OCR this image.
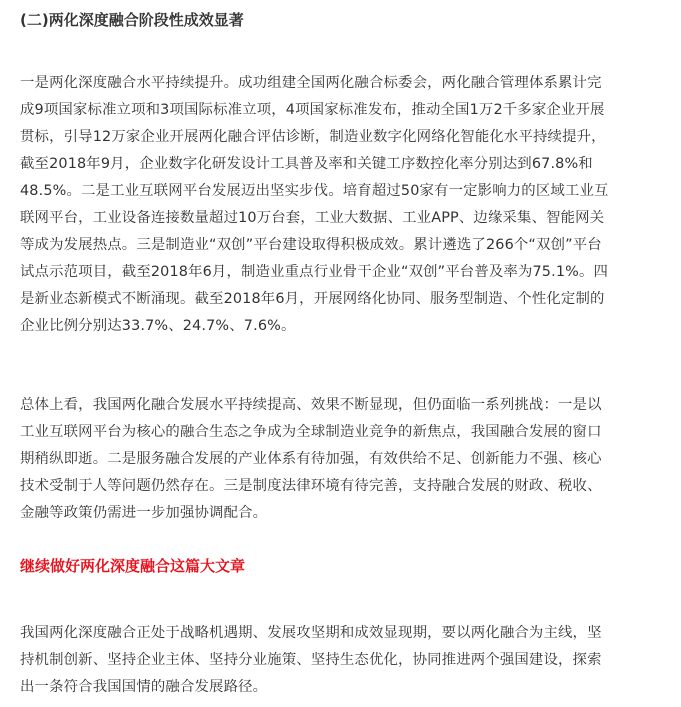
(二)两化深度融合阶段性成效显著
一是两化深度融合水平持续提升。成功组建全国两化融合标委会，两化融合管理体系累计完
成9项国家标准立项和3项国际标准立项，4项国家标准发布，推动全国1万2千多家企业开展
贯标，引导12万家企业开展两化融合评估诊断，制造业数字化网络化智能化水平持续提升，
截至2018年9月，企业数字化研发设计工具普及率和关键工序数控化率分别达到67.8%和
48.5%。二是工业互联网平台发展迈出坚实步伐。培育超过50家有一定影响力的区域工业互
联网平台，工业设备连接数量超过10万台套，工业大数据、工业APP、边缘采集、智能网关
等成为发展热点。三是制造业“双创”平台建设取得积极成效。累计遴选了266个“双创”平台
试点示范项目，截至2018年6月，制造业重点行业骨干企业“双创”平台普及率为75.1%。四
是新业态新模式不断涌现。截至2018年6月，开展网络化协同、服务型制造、个性化定制的
企业比例分别达33.7%、24.7%、7.6%。
总体上看，我国两化融合发展水平持续提高、效果不断显现，但仍面临一系列挑战：一是以
工业互联网平台为核心的融合生态之争成为全球制造业竞争的新焦点，我国融合发展的窗口
期稍纵即逝。二是服务融合发展的产业体系有待加强，有效供给不足、创新能力不强、核心
技术受制于人等问题仍然存在。三是制度法律环境有待完善，支持融合发展的财政、税收、
金融等政策仍需进一步加强协调配合。
继续做好两化深度融合这篇大文章
我国两化深度融合正处于战略机遇期、发展攻坚期和成效显现期，要以两化融合为主线，坚
持机制创新、坚持企业主体、坚持分业施策、坚持生态优化，协同推进两个强国建设，探索
出一条符合我国国情的融合发展路径。
